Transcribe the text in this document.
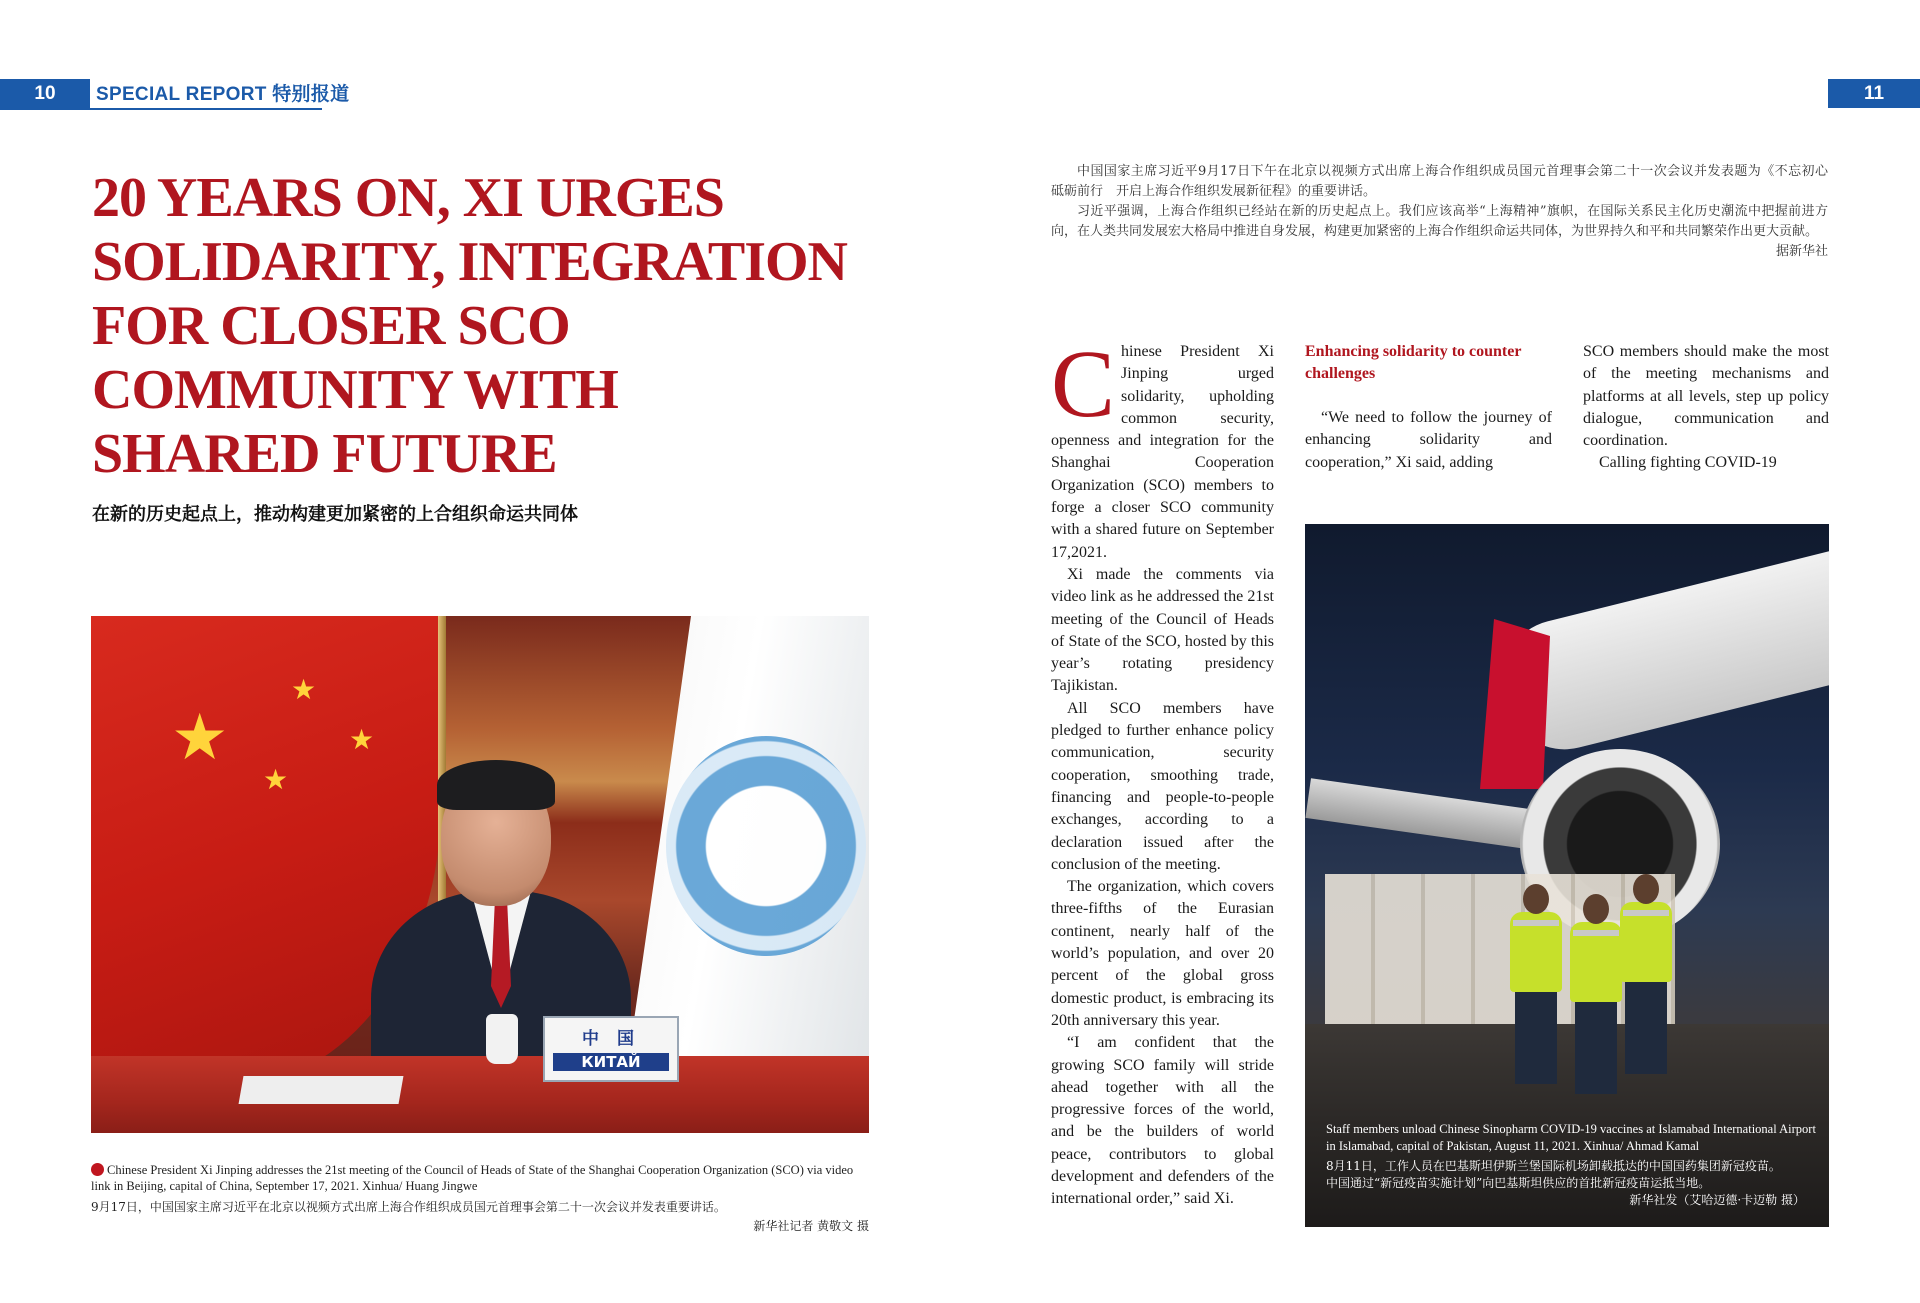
10	SPECIAL REPORT 特别报道	11
20 YEARS ON, XI URGES
SOLIDARITY, INTEGRATION
FOR CLOSER SCO
COMMUNITY WITH
SHARED FUTURE
在新的历史起点上，推动构建更加紧密的上合组织命运共同体
★
★
★
★
中 国
КИТАЙ
Chinese President Xi Jinping addresses the 21st meeting of the Council of Heads of State of the Shanghai Cooperation Organization (SCO) via video link in Beijing, capital of China, September 17, 2021. Xinhua/ Huang Jingwe
9月17日，中国国家主席习近平在北京以视频方式出席上海合作组织成员国元首理事会第二十一次会议并发表重要讲话。
新华社记者 黄敬文 摄

中国国家主席习近平9月17日下午在北京以视频方式出席上海合作组织成员国元首理事会第二十一次会议并发表题为《不忘初心　砥砺前行　开启上海合作组织发展新征程》的重要讲话。

习近平强调，上海合作组织已经站在新的历史起点上。我们应该高举“上海精神”旗帜，在国际关系民主化历史潮流中把握前进方向，在人类共同发展宏大格局中推进自身发展，构建更加紧密的上海合作组织命运共同体，为世界持久和平和共同繁荣作出更大贡献。

据新华社

Chinese President Xi Jinping urged solidarity, upholding common security, openness and integration for the Shanghai Cooperation Organization (SCO) members to forge a closer SCO community with a shared future on September 17,2021.

Xi made the comments via video link as he addressed the 21st meeting of the Council of Heads of State of the SCO, hosted by this year’s rotating presidency Tajikistan.

All SCO members have pledged to further enhance policy communication, security cooperation, smoothing trade, financing and people-to-people exchanges, according to a declaration issued after the conclusion of the meeting.

The organization, which covers three-fifths of the Eurasian continent, nearly half of the world’s population, and over 20 percent of the global gross domestic product, is embracing its 20th anniversary this year.

“I am confident that the growing SCO family will stride ahead together with all the progressive forces of the world, and be the builders of world peace, contributors to global development and defenders of the international order,” said Xi.

Enhancing solidarity to counter challenges

“We need to follow the journey of enhancing solidarity and cooperation,” Xi said, adding

SCO members should make the most of the meeting mechanisms and platforms at all levels, step up policy dialogue, communication and coordination.

Calling fighting COVID-19

Staff members unload Chinese Sinopharm COVID-19 vaccines at Islamabad International Airport in Islamabad, capital of Pakistan, August 11, 2021. Xinhua/ Ahmad Kamal
8月11日，工作人员在巴基斯坦伊斯兰堡国际机场卸载抵达的中国国药集团新冠疫苗。
中国通过“新冠疫苗实施计划”向巴基斯坦供应的首批新冠疫苗运抵当地。
新华社发（艾哈迈德·卡迈勒 摄）
